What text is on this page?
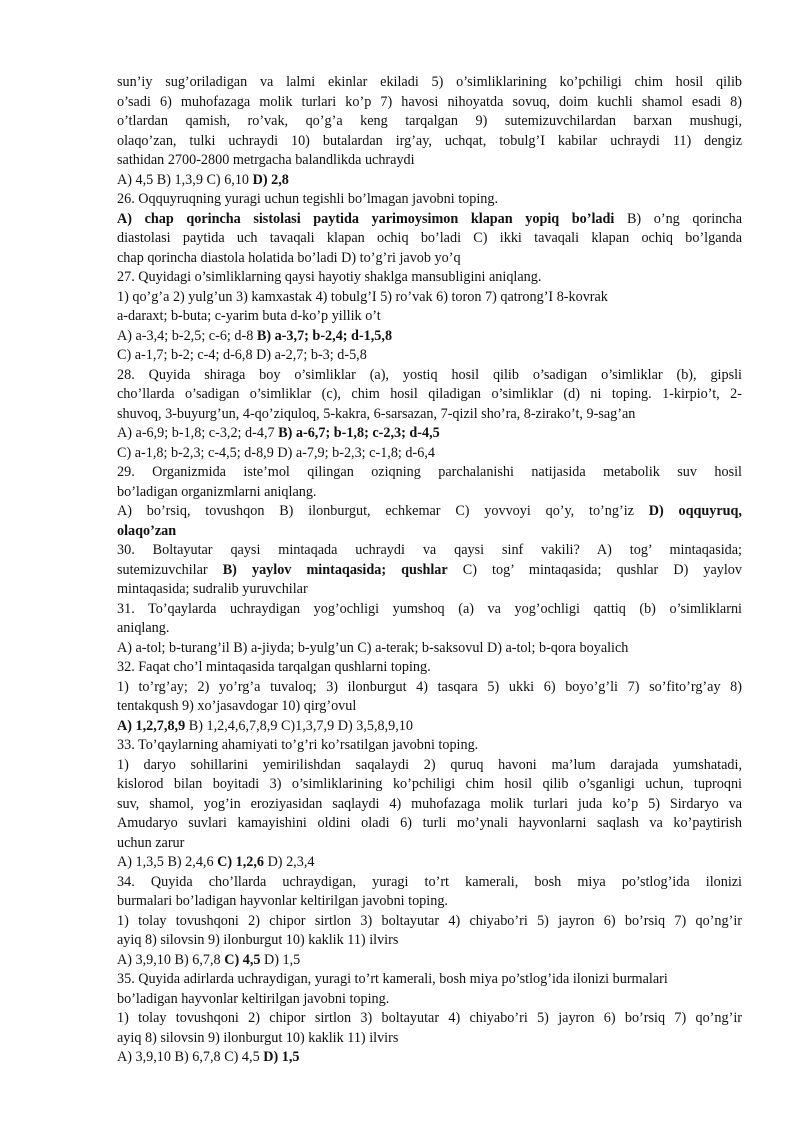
sun’iy sug’oriladigan va lalmi ekinlar ekiladi 5) o’simliklarining ko’pchiligi chim hosil qilib
o’sadi 6) muhofazaga molik turlari ko’p 7) havosi nihoyatda sovuq, doim kuchli shamol esadi 8)
o’tlardan qamish, ro’vak, qo’g’a keng tarqalgan 9) sutemizuvchilardan barxan mushugi,
olaqo’zan, tulki uchraydi 10) butalardan irg’ay, uchqat, tobulg’I kabilar uchraydi 11) dengiz
sathidan 2700-2800 metrgacha balandlikda uchraydi
A) 4,5 B) 1,3,9 C) 6,10 D) 2,8
26. Oqquyruqning yuragi uchun tegishli bo’lmagan javobni toping.
A) chap qorincha sistolasi paytida yarimoysimon klapan yopiq bo’ladi B) o’ng qorincha
diastolasi paytida uch tavaqali klapan ochiq bo’ladi C) ikki tavaqali klapan ochiq bo’lganda
chap qorincha diastola holatida bo’ladi D) to’g’ri javob yo’q
27. Quyidagi o’simliklarning qaysi hayotiy shaklga mansubligini aniqlang.
1) qo’g’a 2) yulg’un 3) kamxastak 4) tobulg’I 5) ro’vak 6) toron 7) qatrong’I 8-kovrak
a-daraxt; b-buta; c-yarim buta d-ko’p yillik o’t
A) a-3,4; b-2,5; c-6; d-8 B) a-3,7; b-2,4; d-1,5,8
C) a-1,7; b-2; c-4; d-6,8 D) a-2,7; b-3; d-5,8
28. Quyida shiraga boy o’simliklar (a), yostiq hosil qilib o’sadigan o’simliklar (b), gipsli
cho’llarda o’sadigan o’simliklar (c), chim hosil qiladigan o’simliklar (d) ni toping. 1-kirpio’t, 2-
shuvoq, 3-buyurg’un, 4-qo’ziquloq, 5-kakra, 6-sarsazan, 7-qizil sho’ra, 8-zirako’t, 9-sag’an
A) a-6,9; b-1,8; c-3,2; d-4,7 B) a-6,7; b-1,8; c-2,3; d-4,5
C) a-1,8; b-2,3; c-4,5; d-8,9 D) a-7,9; b-2,3; c-1,8; d-6,4
29. Organizmida iste’mol qilingan oziqning parchalanishi natijasida metabolik suv hosil
bo’ladigan organizmlarni aniqlang.
A) bo’rsiq, tovushqon B) ilonburgut, echkemar C) yovvoyi qo’y, to’ng’iz D) oqquyruq,
olaqo’zan
30. Boltayutar qaysi mintaqada uchraydi va qaysi sinf vakili? A) tog’ mintaqasida;
sutemizuvchilar B) yaylov mintaqasida; qushlar C) tog’ mintaqasida; qushlar D) yaylov
mintaqasida; sudralib yuruvchilar
31. To’qaylarda uchraydigan yog’ochligi yumshoq (a) va yog’ochligi qattiq (b) o’simliklarni
aniqlang.
A) a-tol; b-turang’il B) a-jiyda; b-yulg’un C) a-terak; b-saksovul D) a-tol; b-qora boyalich
32. Faqat cho’l mintaqasida tarqalgan qushlarni toping.
1) to’rg’ay; 2) yo’rg’a tuvaloq; 3) ilonburgut 4) tasqara 5) ukki 6) boyo’g’li 7) so’fito’rg’ay 8)
tentakqush 9) xo’jasavdogar 10) qirg’ovul
A) 1,2,7,8,9 B) 1,2,4,6,7,8,9 C)1,3,7,9 D) 3,5,8,9,10
33. To’qaylarning ahamiyati to’g’ri ko’rsatilgan javobni toping.
1) daryo sohillarini yemirilishdan saqalaydi 2) quruq havoni ma’lum darajada yumshatadi,
kislorod bilan boyitadi 3) o’simliklarining ko’pchiligi chim hosil qilib o’sganligi uchun, tuproqni
suv, shamol, yog’in eroziyasidan saqlaydi 4) muhofazaga molik turlari juda ko’p 5) Sirdaryo va
Amudaryo suvlari kamayishini oldini oladi 6) turli mo’ynali hayvonlarni saqlash va ko’paytirish
uchun zarur
A) 1,3,5 B) 2,4,6 C) 1,2,6 D) 2,3,4
34. Quyida cho’llarda uchraydigan, yuragi to’rt kamerali, bosh miya po’stlog’ida ilonizi
burmalari bo’ladigan hayvonlar keltirilgan javobni toping.
1) tolay tovushqoni 2) chipor sirtlon 3) boltayutar 4) chiyabo’ri 5) jayron 6) bo’rsiq 7) qo’ng’ir
ayiq 8) silovsin 9) ilonburgut 10) kaklik 11) ilvirs
A) 3,9,10 B) 6,7,8 C) 4,5 D) 1,5
35. Quyida adirlarda uchraydigan, yuragi to’rt kamerali, bosh miya po’stlog’ida ilonizi burmalari
bo’ladigan hayvonlar keltirilgan javobni toping.
1) tolay tovushqoni 2) chipor sirtlon 3) boltayutar 4) chiyabo’ri 5) jayron 6) bo’rsiq 7) qo’ng’ir
ayiq 8) silovsin 9) ilonburgut 10) kaklik 11) ilvirs
A) 3,9,10 B) 6,7,8 C) 4,5 D) 1,5
